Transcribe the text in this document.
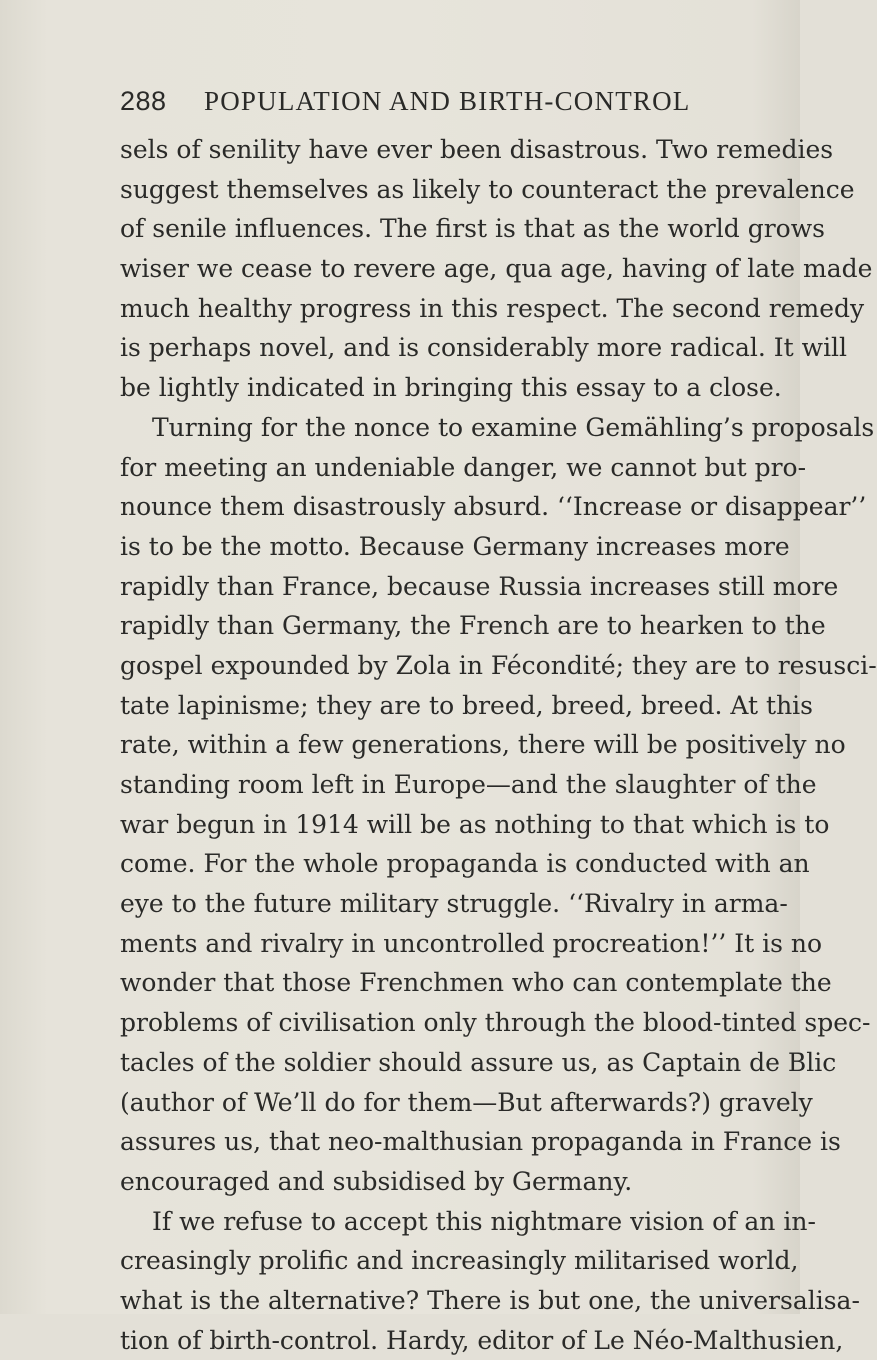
288 POPULATION AND BIRTH-CONTROL
sels of senility have ever been disastrous. Two remedies
suggest themselves as likely to counteract the prevalence
of senile influences. The first is that as the world grows
wiser we cease to revere age, qua age, having of late made
much healthy progress in this respect. The second remedy
is perhaps novel, and is considerably more radical. It will
be lightly indicated in bringing this essay to a close.
Turning for the nonce to examine Gemähling’s proposals
for meeting an undeniable danger, we cannot but pro-
nounce them disastrously absurd. ‘‘Increase or disappear’’
is to be the motto. Because Germany increases more
rapidly than France, because Russia increases still more
rapidly than Germany, the French are to hearken to the
gospel expounded by Zola in Fécondité; they are to resusci-
tate lapinisme; they are to breed, breed, breed. At this
rate, within a few generations, there will be positively no
standing room left in Europe—and the slaughter of the
war begun in 1914 will be as nothing to that which is to
come. For the whole propaganda is conducted with an
eye to the future military struggle. ‘‘Rivalry in arma-
ments and rivalry in uncontrolled procreation!’’ It is no
wonder that those Frenchmen who can contemplate the
problems of civilisation only through the blood-tinted spec-
tacles of the soldier should assure us, as Captain de Blic
(author of We’ll do for them—But afterwards?) gravely
assures us, that neo-malthusian propaganda in France is
encouraged and subsidised by Germany.
If we refuse to accept this nightmare vision of an in-
creasingly prolific and increasingly militarised world,
what is the alternative? There is but one, the universalisa-
tion of birth-control. Hardy, editor of Le Néo-Malthusien,
